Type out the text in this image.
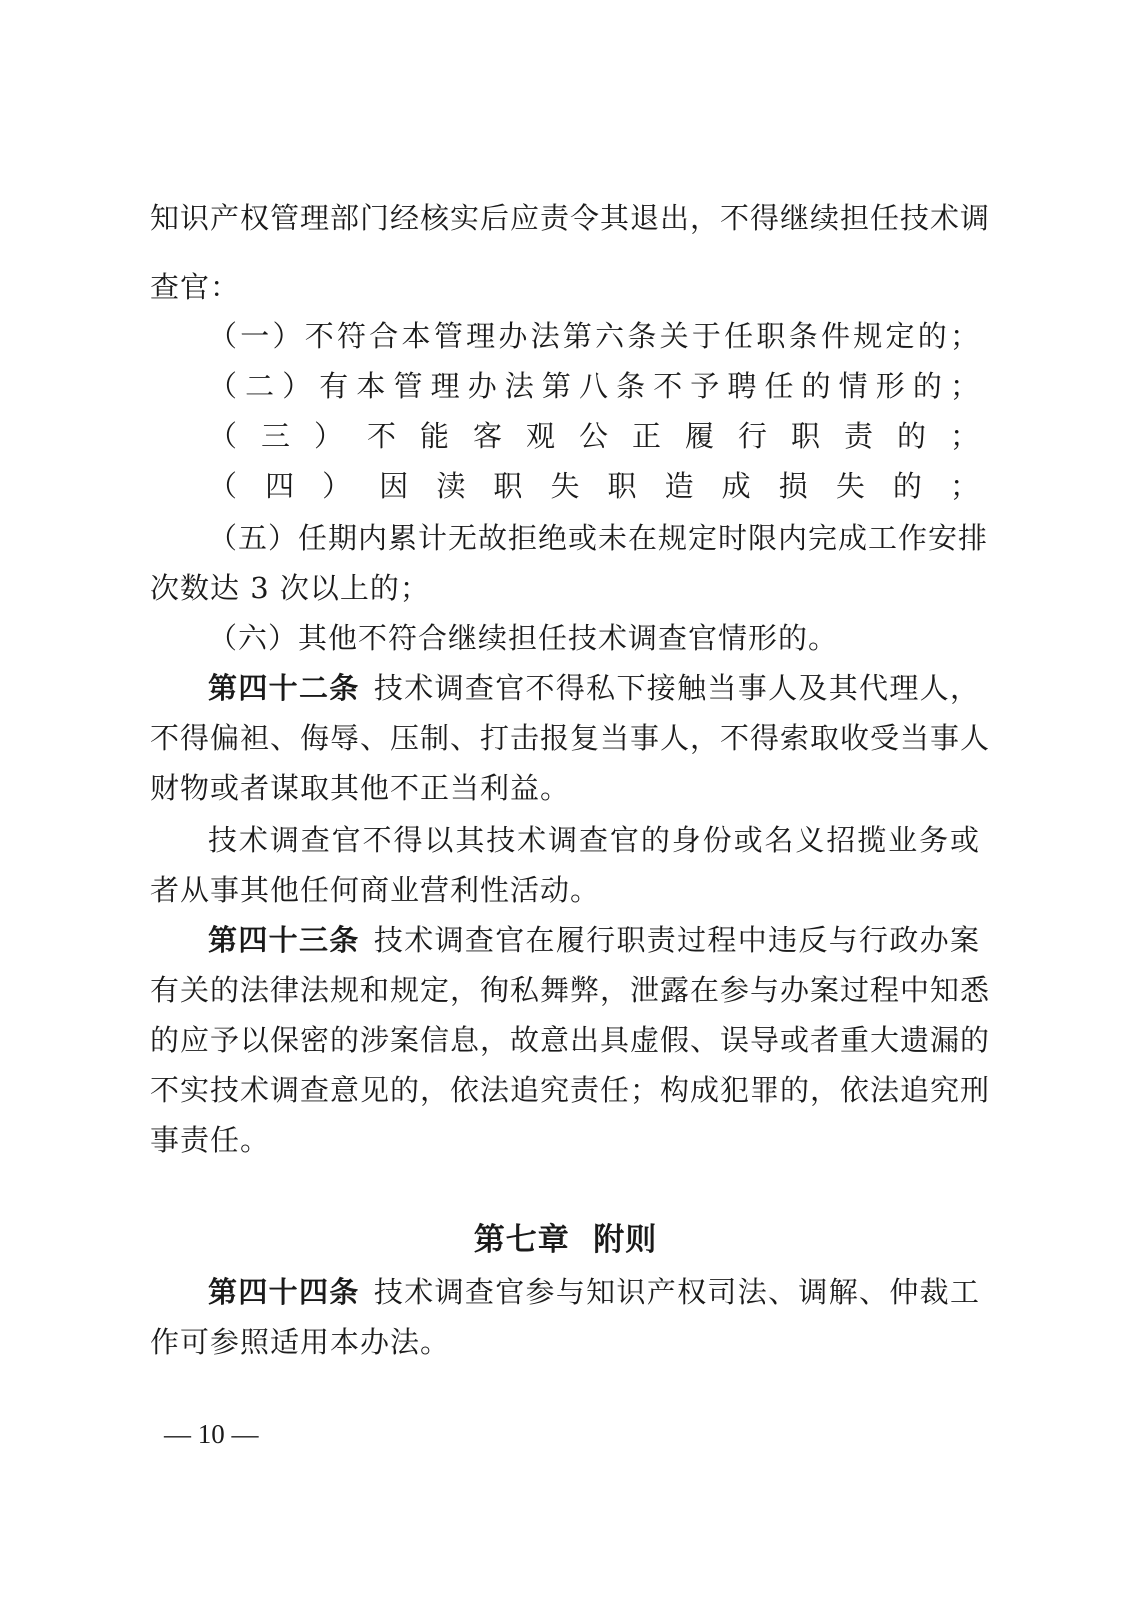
知识产权管理部门经核实后应责令其退出，不得继续担任技术调
查官：
（一）不符合本管理办法第六条关于任职条件规定的；
（二）有本管理办法第八条不予聘任的情形的；
（三）不能客观公正履行职责的；
（四）因渎职失职造成损失的；
（五）任期内累计无故拒绝或未在规定时限内完成工作安排
次数达 3 次以上的；
（六）其他不符合继续担任技术调查官情形的。
第四十二条 技术调查官不得私下接触当事人及其代理人，
不得偏袒、侮辱、压制、打击报复当事人，不得索取收受当事人
财物或者谋取其他不正当利益。
技术调查官不得以其技术调查官的身份或名义招揽业务或
者从事其他任何商业营利性活动。
第四十三条 技术调查官在履行职责过程中违反与行政办案
有关的法律法规和规定，徇私舞弊，泄露在参与办案过程中知悉
的应予以保密的涉案信息，故意出具虚假、误导或者重大遗漏的
不实技术调查意见的，依法追究责任；构成犯罪的，依法追究刑
事责任。
第七章  附则
第四十四条 技术调查官参与知识产权司法、调解、仲裁工
作可参照适用本办法。
— 10 —
